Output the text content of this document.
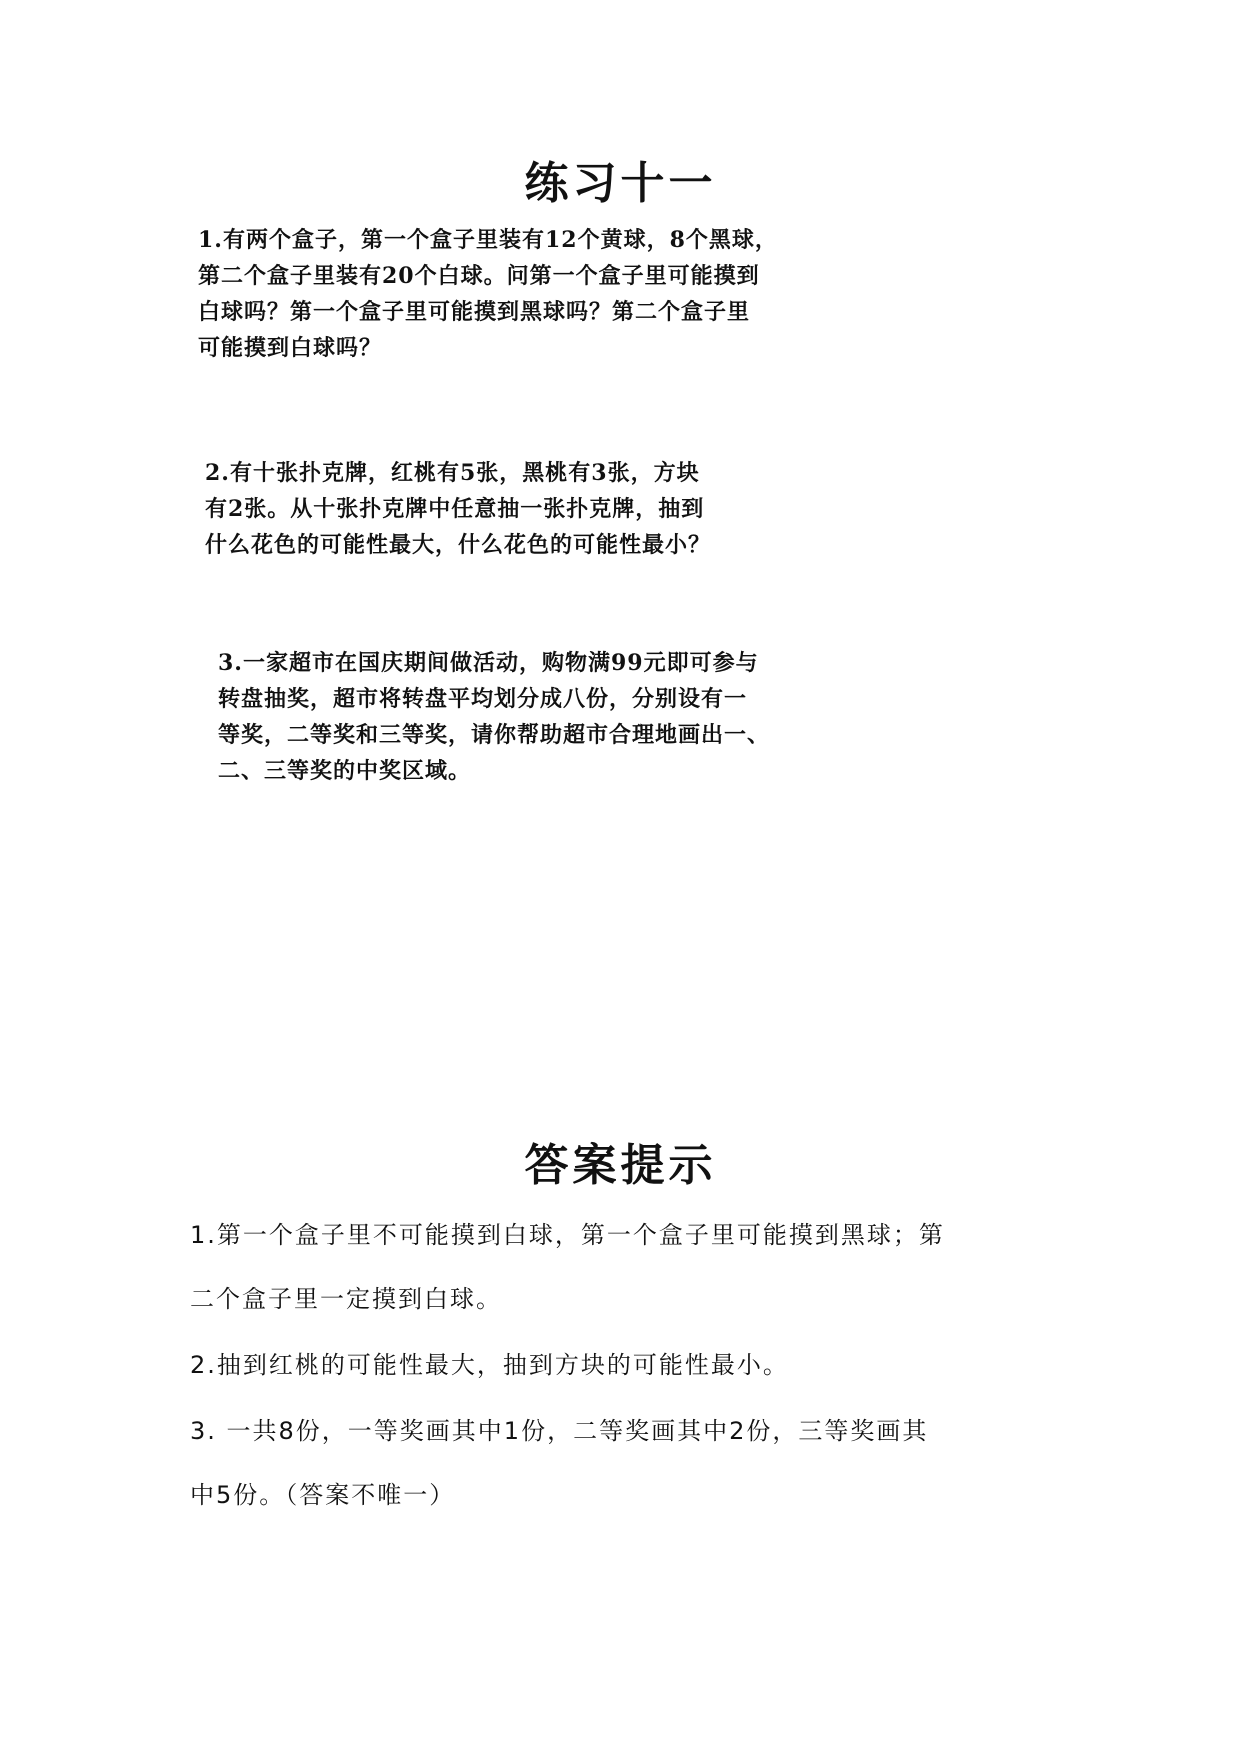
练习十一
1.有两个盒子，第一个盒子里装有12个黄球，8个黑球，
第二个盒子里装有20个白球。问第一个盒子里可能摸到
白球吗？第一个盒子里可能摸到黑球吗？第二个盒子里
可能摸到白球吗？
2.有十张扑克牌，红桃有5张，黑桃有3张，方块
有2张。从十张扑克牌中任意抽一张扑克牌，抽到
什么花色的可能性最大，什么花色的可能性最小？
3.一家超市在国庆期间做活动，购物满99元即可参与
转盘抽奖，超市将转盘平均划分成八份，分别设有一
等奖，二等奖和三等奖，请你帮助超市合理地画出一、
二、三等奖的中奖区域。
答案提示
1.第一个盒子里不可能摸到白球，第一个盒子里可能摸到黑球；第
二个盒子里一定摸到白球。
2.抽到红桃的可能性最大，抽到方块的可能性最小。
3. 一共8份，一等奖画其中1份，二等奖画其中2份，三等奖画其
中5份。（答案不唯一）
